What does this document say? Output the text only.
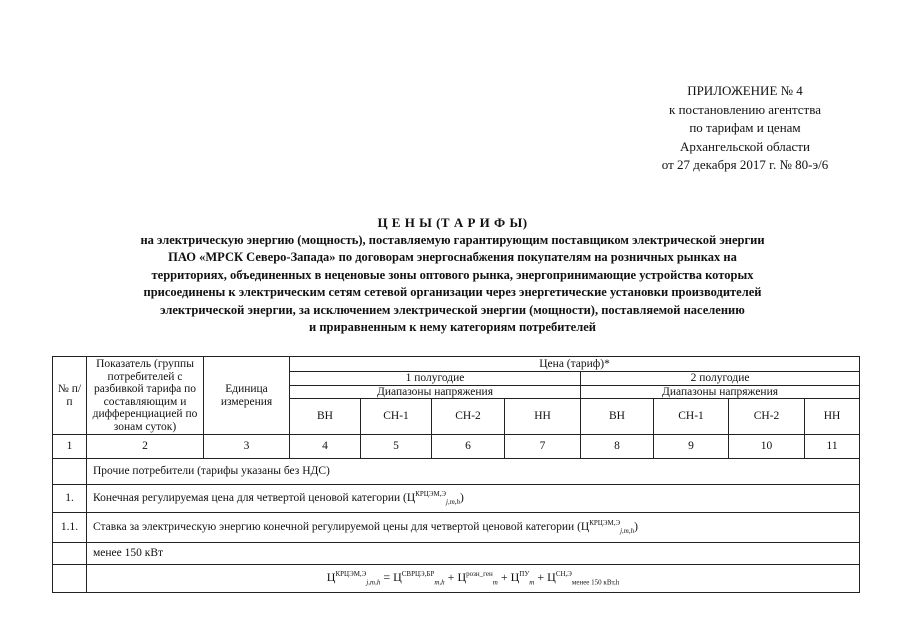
ПРИЛОЖЕНИЕ № 4
к постановлению агентства
по тарифам и ценам
Архангельской области
от 27 декабря 2017 г. № 80-э/6
Ц Е Н Ы (Т А Р И Ф Ы)
на электрическую энергию (мощность), поставляемую гарантирующим поставщиком электрической энергии
ПАО «МРСК Северо-Запада» по договорам энергоснабжения покупателям на розничных рынках на
территориях, объединенных в неценовые зоны оптового рынка, энергопринимающие устройства которых
присоединены к электрическим сетям сетевой организации через энергетические установки производителей
электрической энергии, за исключением электрической энергии (мощности), поставляемой населению
и приравненным к нему категориям потребителей
№ п/п	Показатель (группы потребителей с разбивкой тарифа по составляющим и дифференциацией по зонам суток)	Единица измерения	Цена (тариф)*							
			1 полугодие				2 полугодие			
			Диапазоны напряжения				Диапазоны напряжения			
			ВН	СН-1	СН-2	НН	ВН	СН-1	СН-2	НН
1	2	3	4	5	6	7	8	9	10	11
	Прочие потребители (тарифы указаны без НДС)									
1.	Конечная регулируемая цена для четвертой ценовой категории $(Ц^{КРЦЭМ,Э}_{j,m,h})$									
1.1.	Ставка за электрическую энергию конечной регулируемой цены для четвертой ценовой категории $(Ц^{КРЦЭМ,Э}_{j,m,h})$									
	менее 150 кВт									
	$Ц^{КРЦЭМ,Э}_{j,m,h} = Ц^{СВРЦЭ,БР}_{m,h} + Ц^{розн\_ген}_m + Ц^{ПУ}_m + Ц^{СН,Э}_{менее 150 кВт,h}$
